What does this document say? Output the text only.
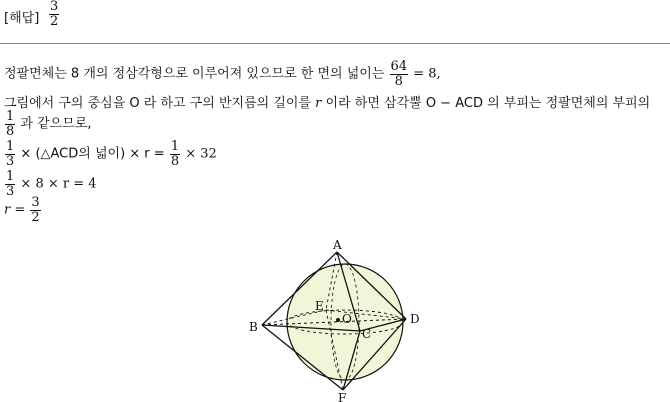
[해답] $\frac{3}{2}$
정팔면체는 8 개의 정삼각형으로 이루어져 있으므로 한 면의 넓이는 $\frac{64}{8} = 8$,
그림에서 구의 중심을 O 라 하고 구의 반지름의 길이를 r 이라 하면 삼각뿔 O − ACD 의 부피는 정팔면체의 부피의
$\frac{1}{8}$ 과 같으므로,
$\frac{1}{3}$ × (△ACD의 넓이) × $r = \frac{1}{8} \times 32$
$\frac{1}{3} \times 8 \times r = 4$
$r = \frac{3}{2}$
A
B	C
D
E
F
O
